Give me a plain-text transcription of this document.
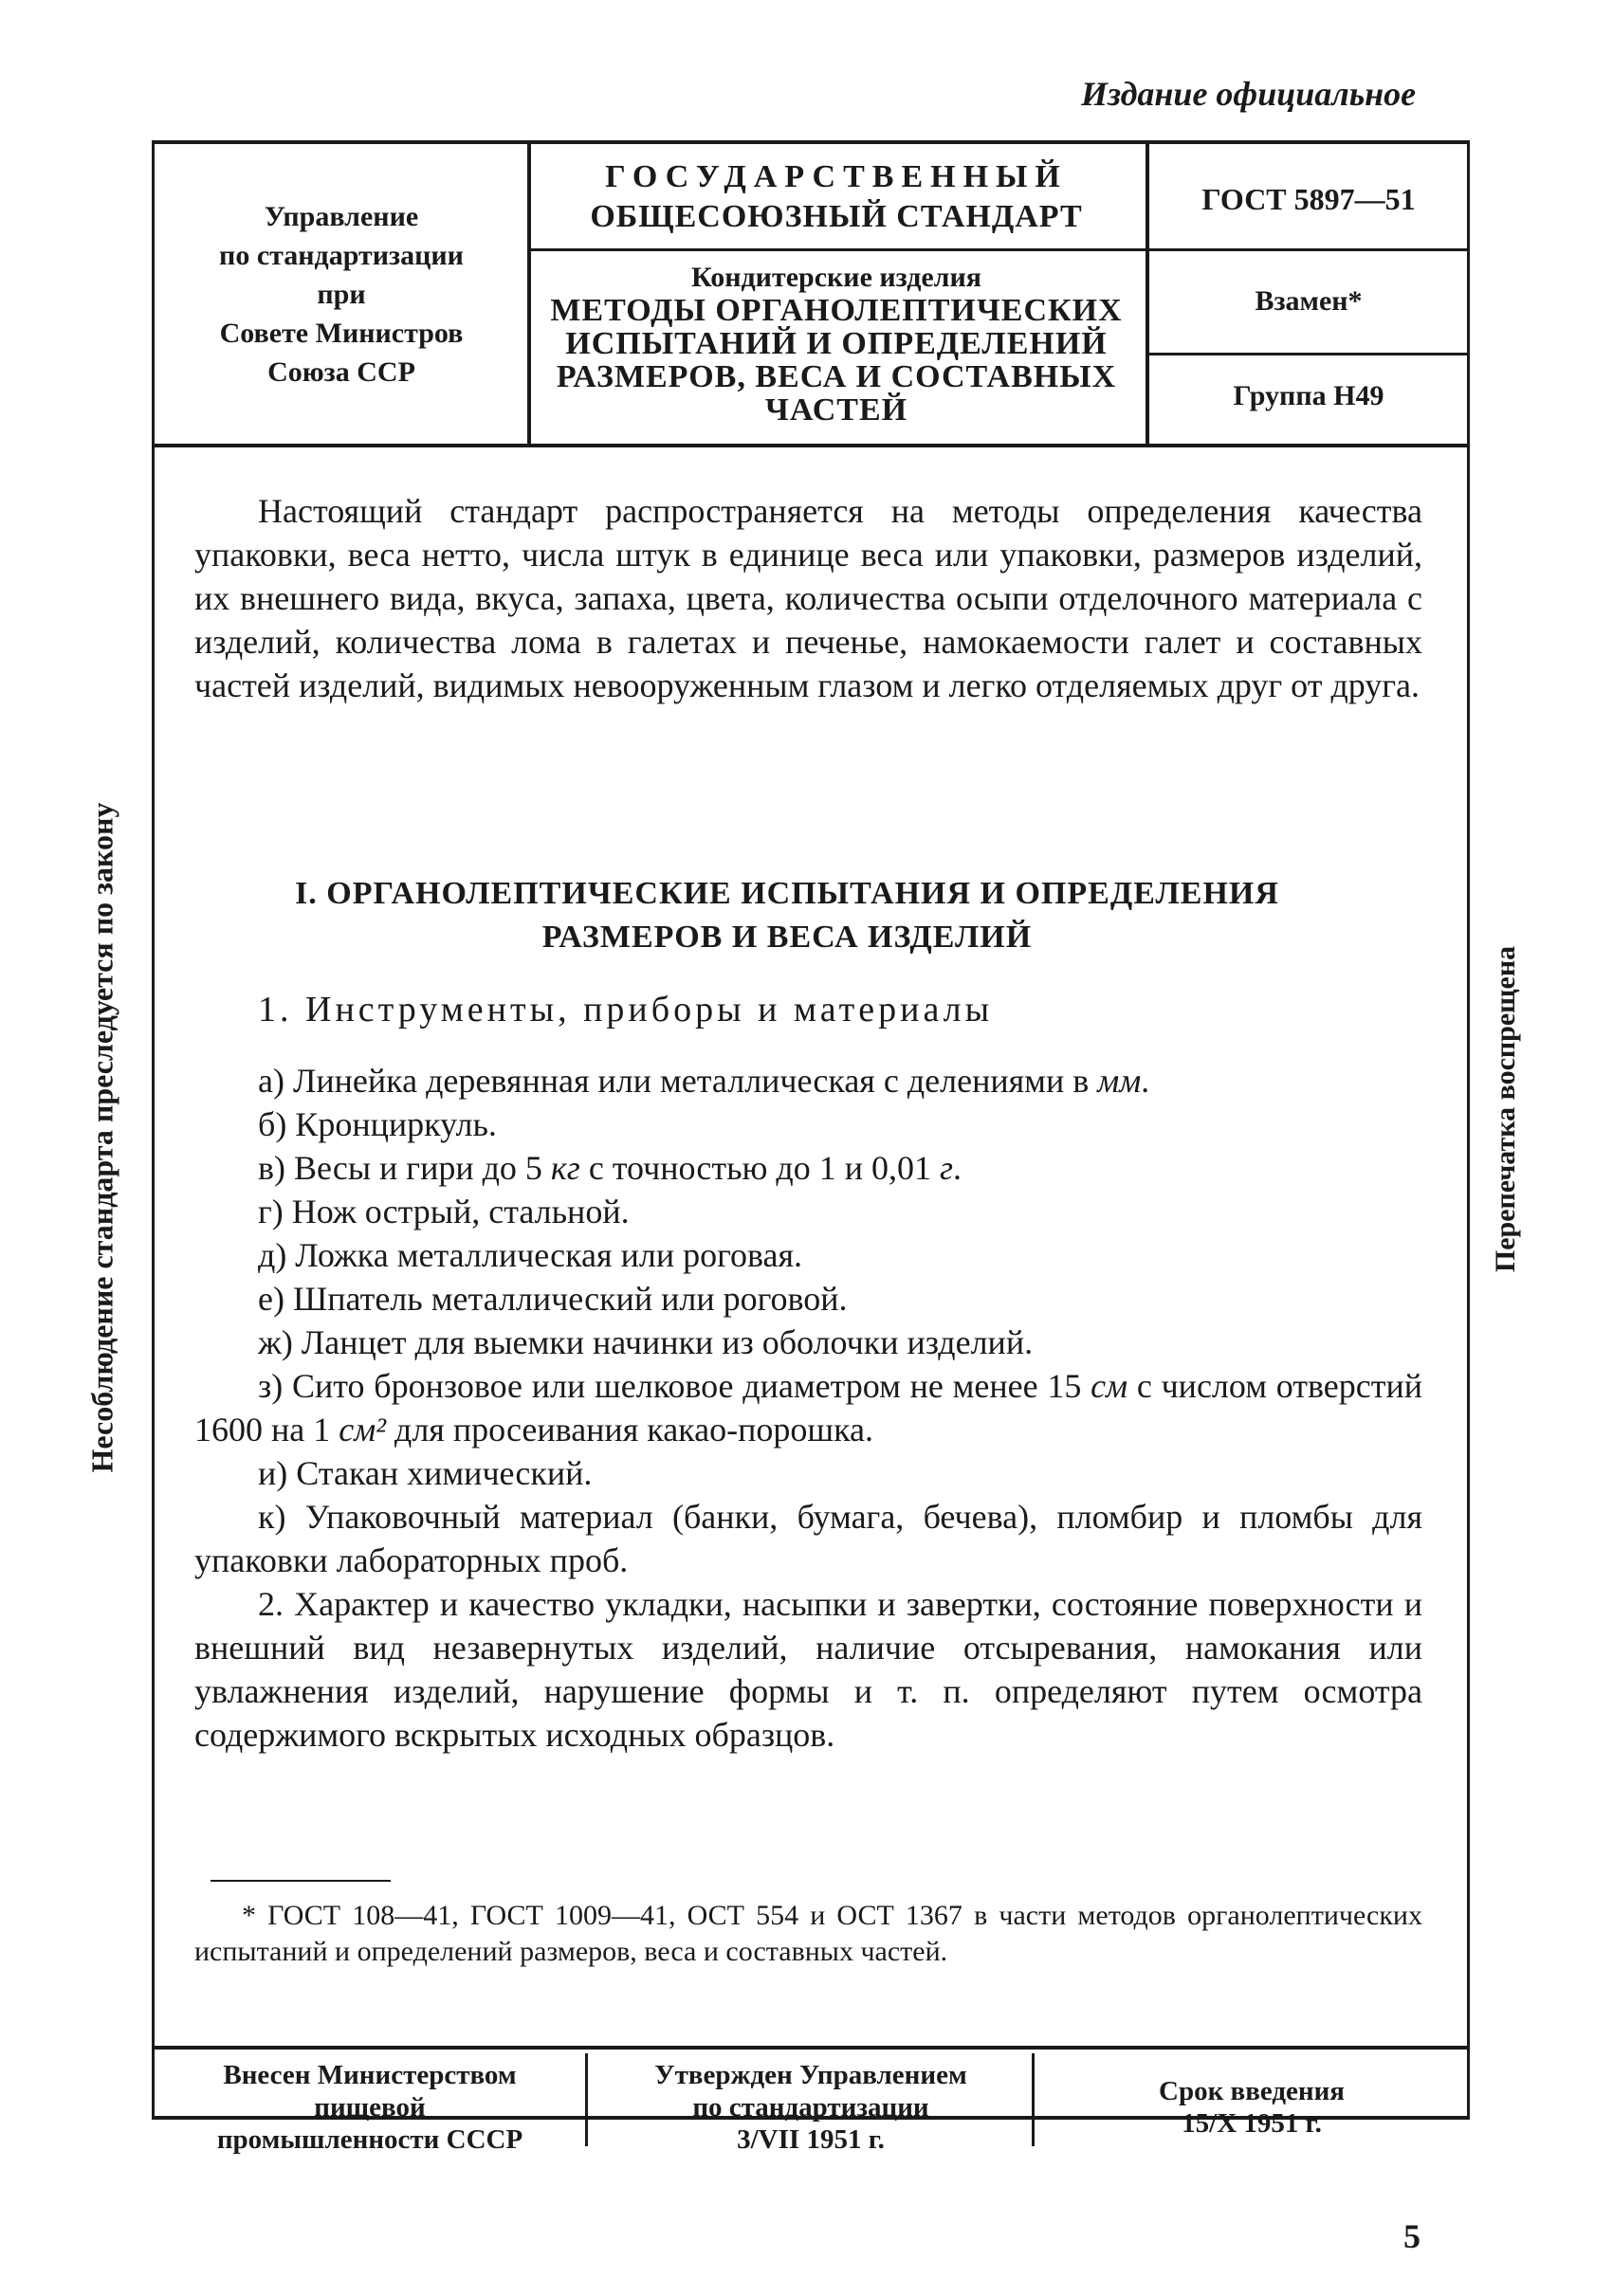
Издание официальное
Управление
по стандартизации
при
Совете Министров
Союза ССР
ГОСУДАРСТВЕННЫЙ
ОБЩЕСОЮЗНЫЙ СТАНДАРТ
Кондитерские изделия
МЕТОДЫ ОРГАНОЛЕПТИЧЕСКИХ
ИСПЫТАНИЙ И ОПРЕДЕЛЕНИЙ
РАЗМЕРОВ, ВЕСА И СОСТАВНЫХ
ЧАСТЕЙ
ГОСТ 5897—51
Взамен*
Группа Н49
Несоблюдение стандарта преследуется по закону	Перепечатка воспрещена
Настоящий стандарт распространяется на методы определения качества упаковки, веса нетто, числа штук в единице веса или упаковки, размеров изделий, их внешнего вида, вкуса, запаха, цвета, количества осыпи отделочного материала с изделий, количества лома в галетах и печенье, намокаемости галет и составных частей изделий, видимых невооруженным глазом и легко отделяемых друг от друга.
I. ОРГАНОЛЕПТИЧЕСКИЕ ИСПЫТАНИЯ И ОПРЕДЕЛЕНИЯ
РАЗМЕРОВ И ВЕСА ИЗДЕЛИЙ
1. Инструменты, приборы и материалы

а) Линейка деревянная или металлическая с делениями в мм.

б) Кронциркуль.

в) Весы и гири до 5 кг с точностью до 1 и 0,01 г.

г) Нож острый, стальной.

д) Ложка металлическая или роговая.

е) Шпатель металлический или роговой.

ж) Ланцет для выемки начинки из оболочки изделий.

з) Сито бронзовое или шелковое диаметром не менее 15 см с числом отверстий 1600 на 1 см² для просеивания какао-порошка.

и) Стакан химический.

к) Упаковочный материал (банки, бумага, бечева), пломбир и пломбы для упаковки лабораторных проб.

2. Характер и качество укладки, насыпки и завертки, состояние поверхности и внешний вид незавернутых изделий, наличие отсыревания, намокания или увлажнения изделий, нарушение формы и т. п. определяют путем осмотра содержимого вскрытых исходных образцов.

* ГОСТ 108—41, ГОСТ 1009—41, ОСТ 554 и ОСТ 1367 в части методов органолептических испытаний и определений размеров, веса и составных частей.
Внесен Министерством
пищевой
промышленности СССР
Утвержден Управлением
по стандартизации
3/VII 1951 г.
Срок введения
15/X 1951 г.
5
